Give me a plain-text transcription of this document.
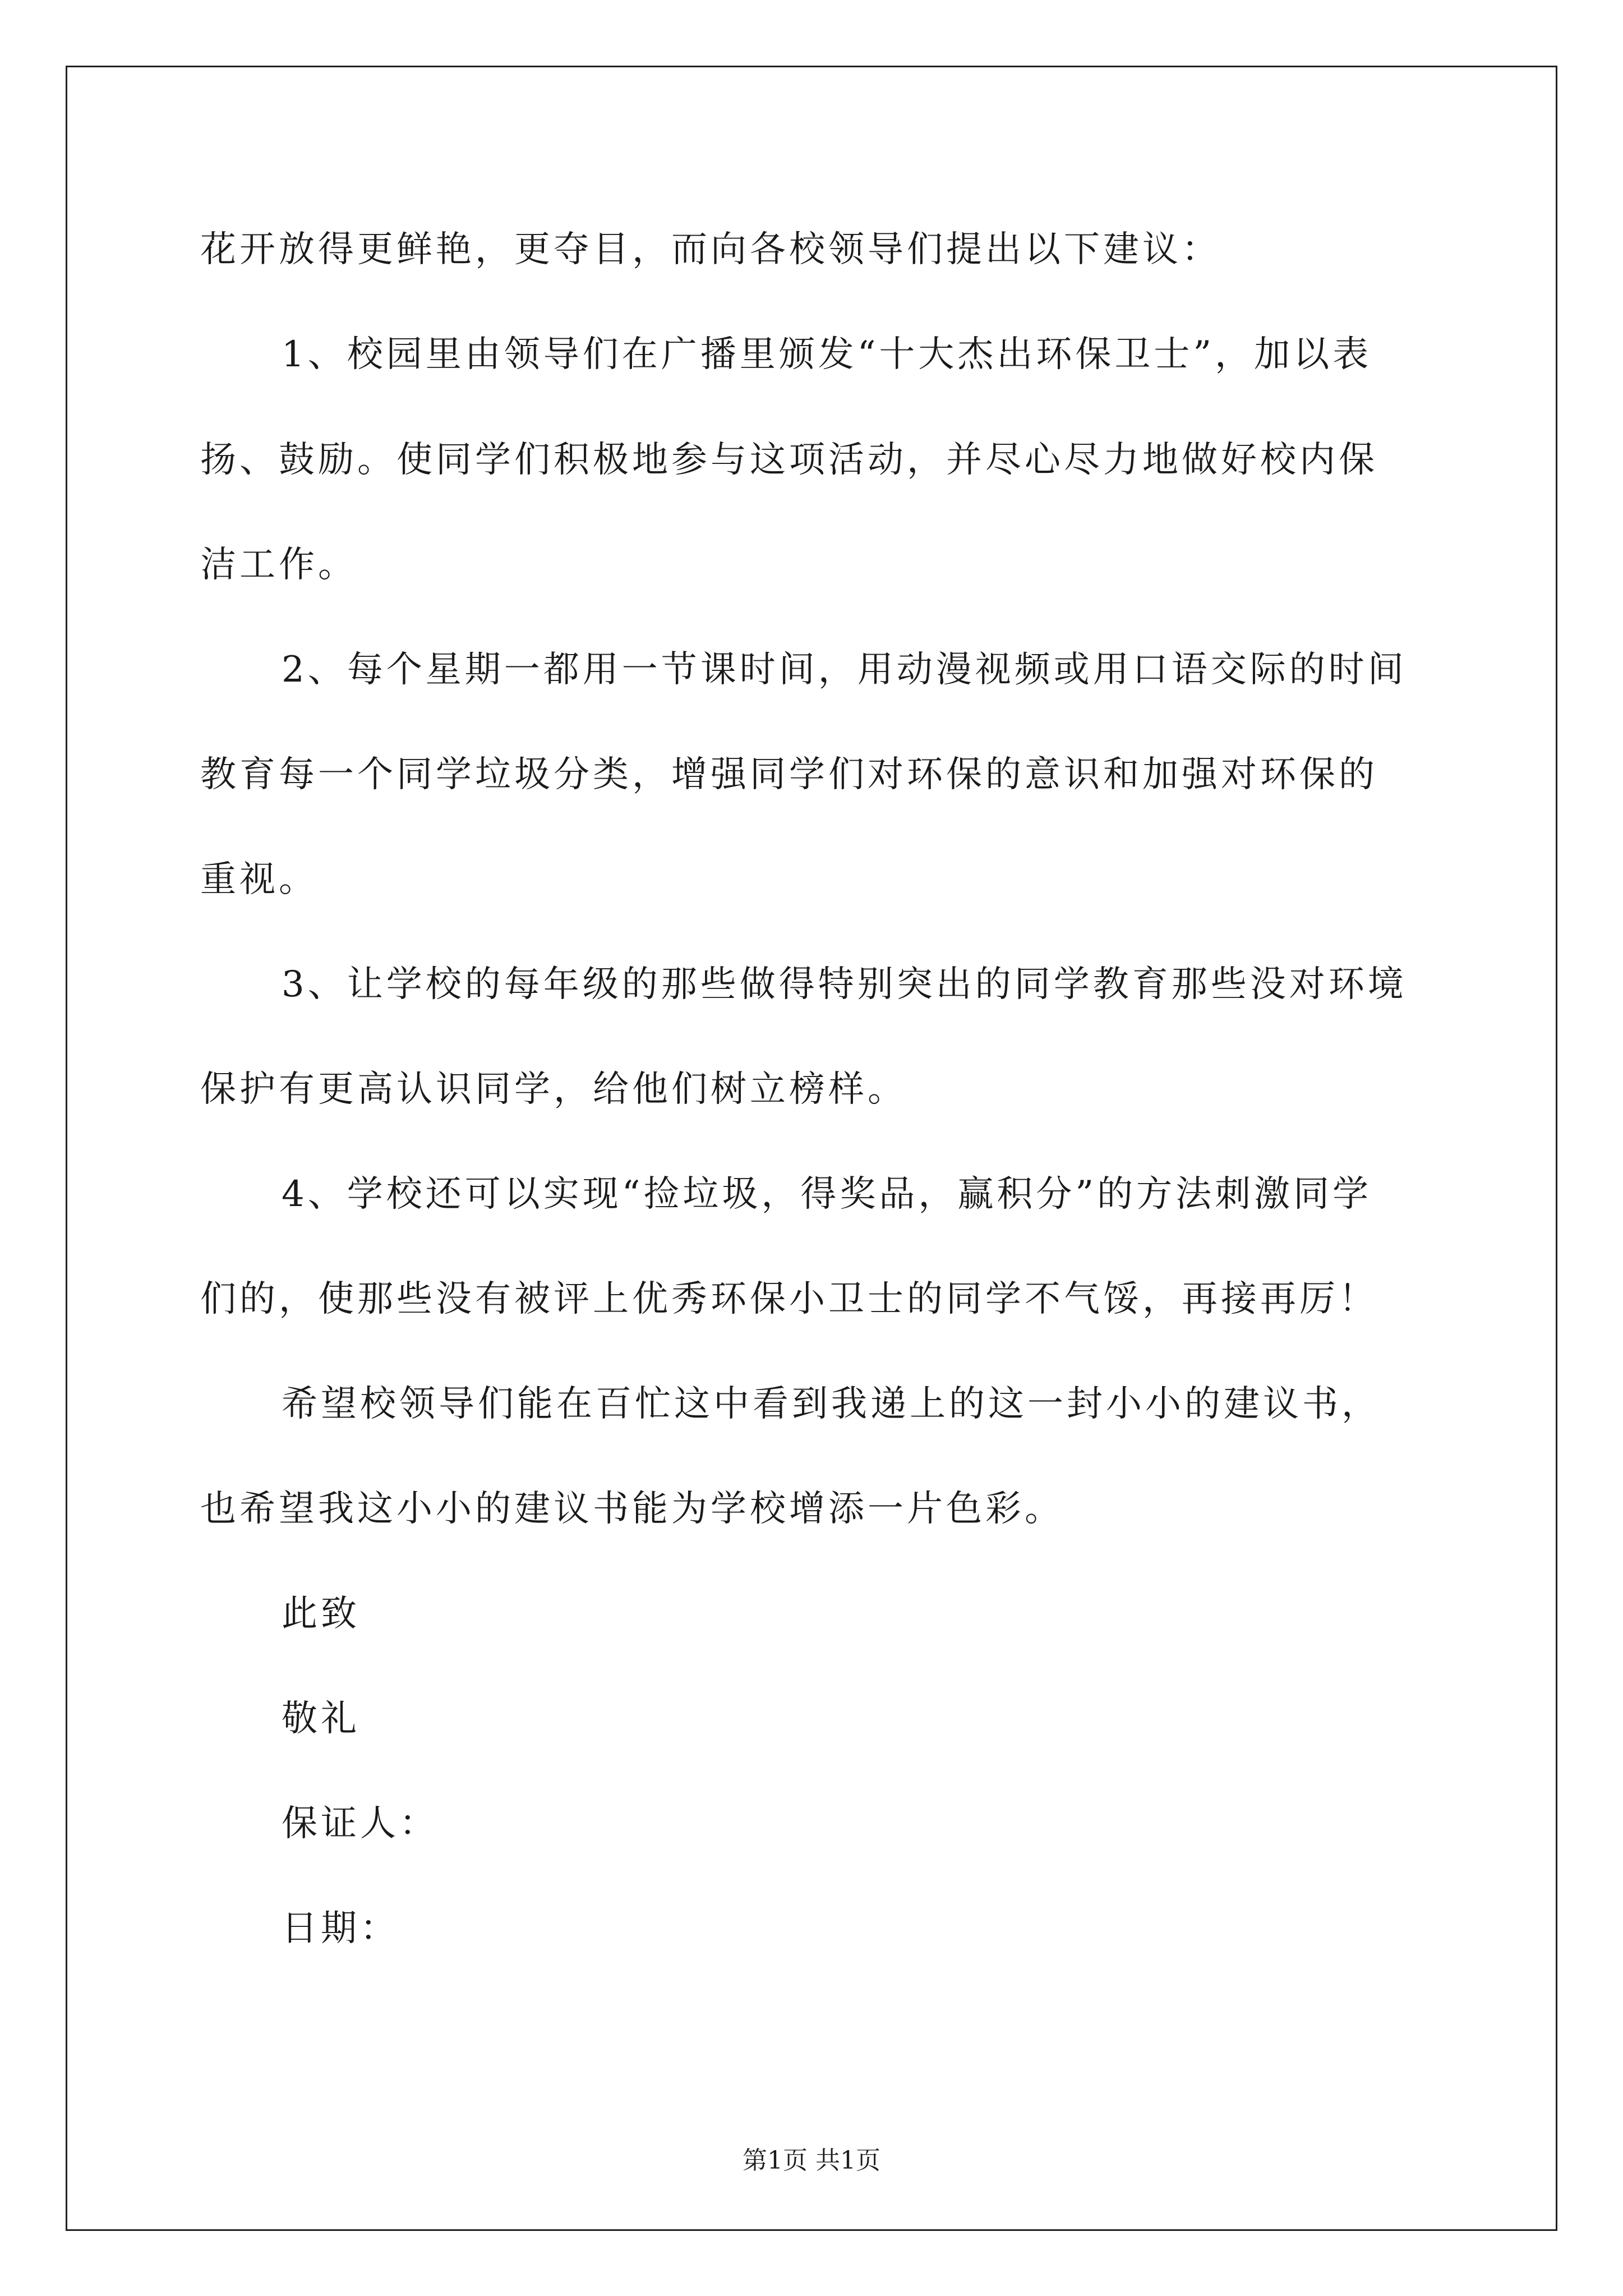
花开放得更鲜艳，更夺目，而向各校领导们提出以下建议：
1、校园里由领导们在广播里颁发“十大杰出环保卫士”，加以表
扬、鼓励。使同学们积极地参与这项活动，并尽心尽力地做好校内保
洁工作。
2、每个星期一都用一节课时间，用动漫视频或用口语交际的时间
教育每一个同学垃圾分类，增强同学们对环保的意识和加强对环保的
重视。
3、让学校的每年级的那些做得特别突出的同学教育那些没对环境
保护有更高认识同学，给他们树立榜样。
4、学校还可以实现“捡垃圾，得奖品，赢积分”的方法刺激同学
们的，使那些没有被评上优秀环保小卫士的同学不气馁，再接再厉！
希望校领导们能在百忙这中看到我递上的这一封小小的建议书，
也希望我这小小的建议书能为学校增添一片色彩。
此致
敬礼
保证人：
日期：
第1页 共1页
